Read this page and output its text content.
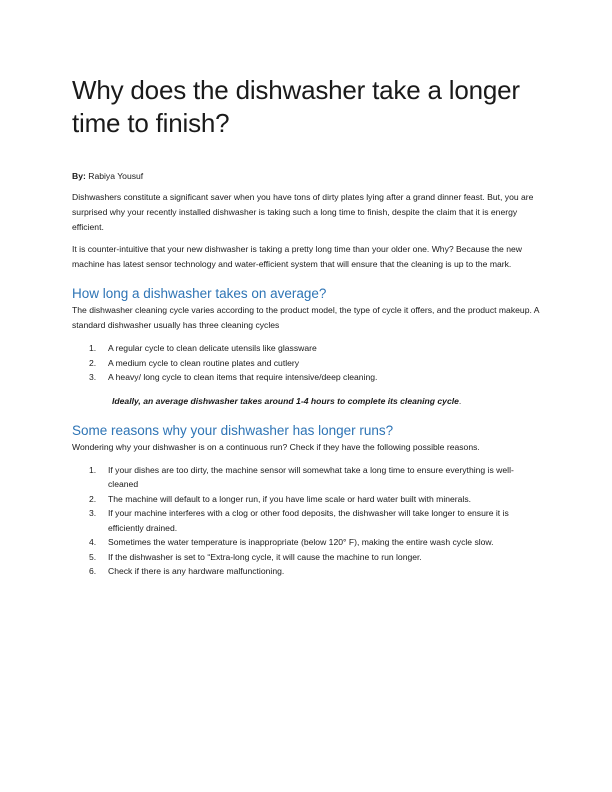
Why does the dishwasher take a longer time to finish?
By: Rabiya Yousuf

Dishwashers constitute a significant saver when you have tons of dirty plates lying after a grand dinner feast. But, you are surprised why your recently installed dishwasher is taking such a long time to finish, despite the claim that it is energy efficient.

It is counter-intuitive that your new dishwasher is taking a pretty long time than your older one. Why? Because the new machine has latest sensor technology and water-efficient system that will ensure that the cleaning is up to the mark.

How long a dishwasher takes on average?

The dishwasher cleaning cycle varies according to the product model, the type of cycle it offers, and the product makeup. A standard dishwasher usually has three cleaning cycles

1. A regular cycle to clean delicate utensils like glassware
2. A medium cycle to clean routine plates and cutlery
3. A heavy/ long cycle to clean items that require intensive/deep cleaning.
Ideally, an average dishwasher takes around 1-4 hours to complete its cleaning cycle.
Some reasons why your dishwasher has longer runs?

Wondering why your dishwasher is on a continuous run? Check if they have the following possible reasons.

1. If your dishes are too dirty, the machine sensor will somewhat take a long time to ensure everything is well-cleaned
2. The machine will default to a longer run, if you have lime scale or hard water built with minerals.
3. If your machine interferes with a clog or other food deposits, the dishwasher will take longer to ensure it is efficiently drained.
4. Sometimes the water temperature is inappropriate (below 120° F), making the entire wash cycle slow.
5. If the dishwasher is set to “Extra-long cycle, it will cause the machine to run longer.
6. Check if there is any hardware malfunctioning.
